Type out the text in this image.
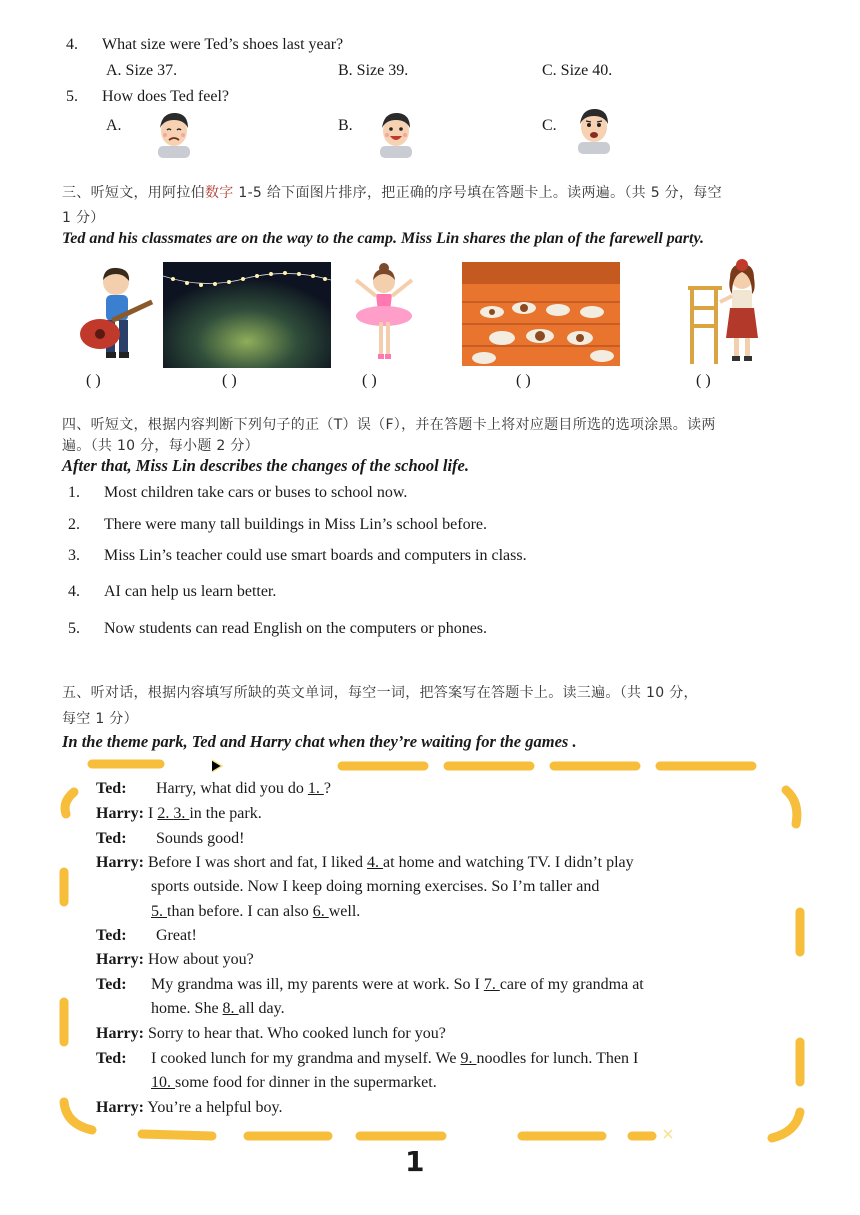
4. What size were Ted’s shoes last year?
A. Size 37.	B. Size 39.	C. Size 40.
5. How does Ted feel?
A.	B.	C.
三、听短文，用阿拉伯数字 1-5 给下面图片排序，把正确的序号填在答题卡上。读两遍。（共 5 分，每空
1 分）
Ted and his classmates are on the way to the camp. Miss Lin shares the plan of the farewell party.
( )	( )	( )	( )	( )
四、听短文，根据内容判断下列句子的正（T）误（F），并在答题卡上将对应题目所选的选项涂黑。读两
遍。（共 10 分，每小题 2 分）
After that, Miss Lin describes the changes of the school life.
1. Most children take cars or buses to school now.
2. There were many tall buildings in Miss Lin’s school before.
3. Miss Lin’s teacher could use smart boards and computers in class.
4. AI can help us learn better.
5. Now students can read English on the computers or phones.
五、听对话，根据内容填写所缺的英文单词，每空一词，把答案写在答题卡上。读三遍。（共 10 分，
每空 1 分）
In the theme park, Ted and Harry chat when they’re waiting for the games .
Ted: Harry, what did you do 1. ?
Harry: I 2. 3. in the park.
Ted: Sounds good!
Harry: Before I was short and fat, I liked 4. at home and watching TV. I didn’t play
sports outside. Now I keep doing morning exercises. So I’m taller and
5. than before. I can also 6. well.
Ted: Great!
Harry: How about you?
Ted: My grandma was ill, my parents were at work. So I 7. care of my grandma at
home. She 8. all day.
Harry: Sorry to hear that. Who cooked lunch for you?
Ted: I cooked lunch for my grandma and myself. We 9. noodles for lunch. Then I
10. some food for dinner in the supermarket.
Harry: You’re a helpful boy.
1
